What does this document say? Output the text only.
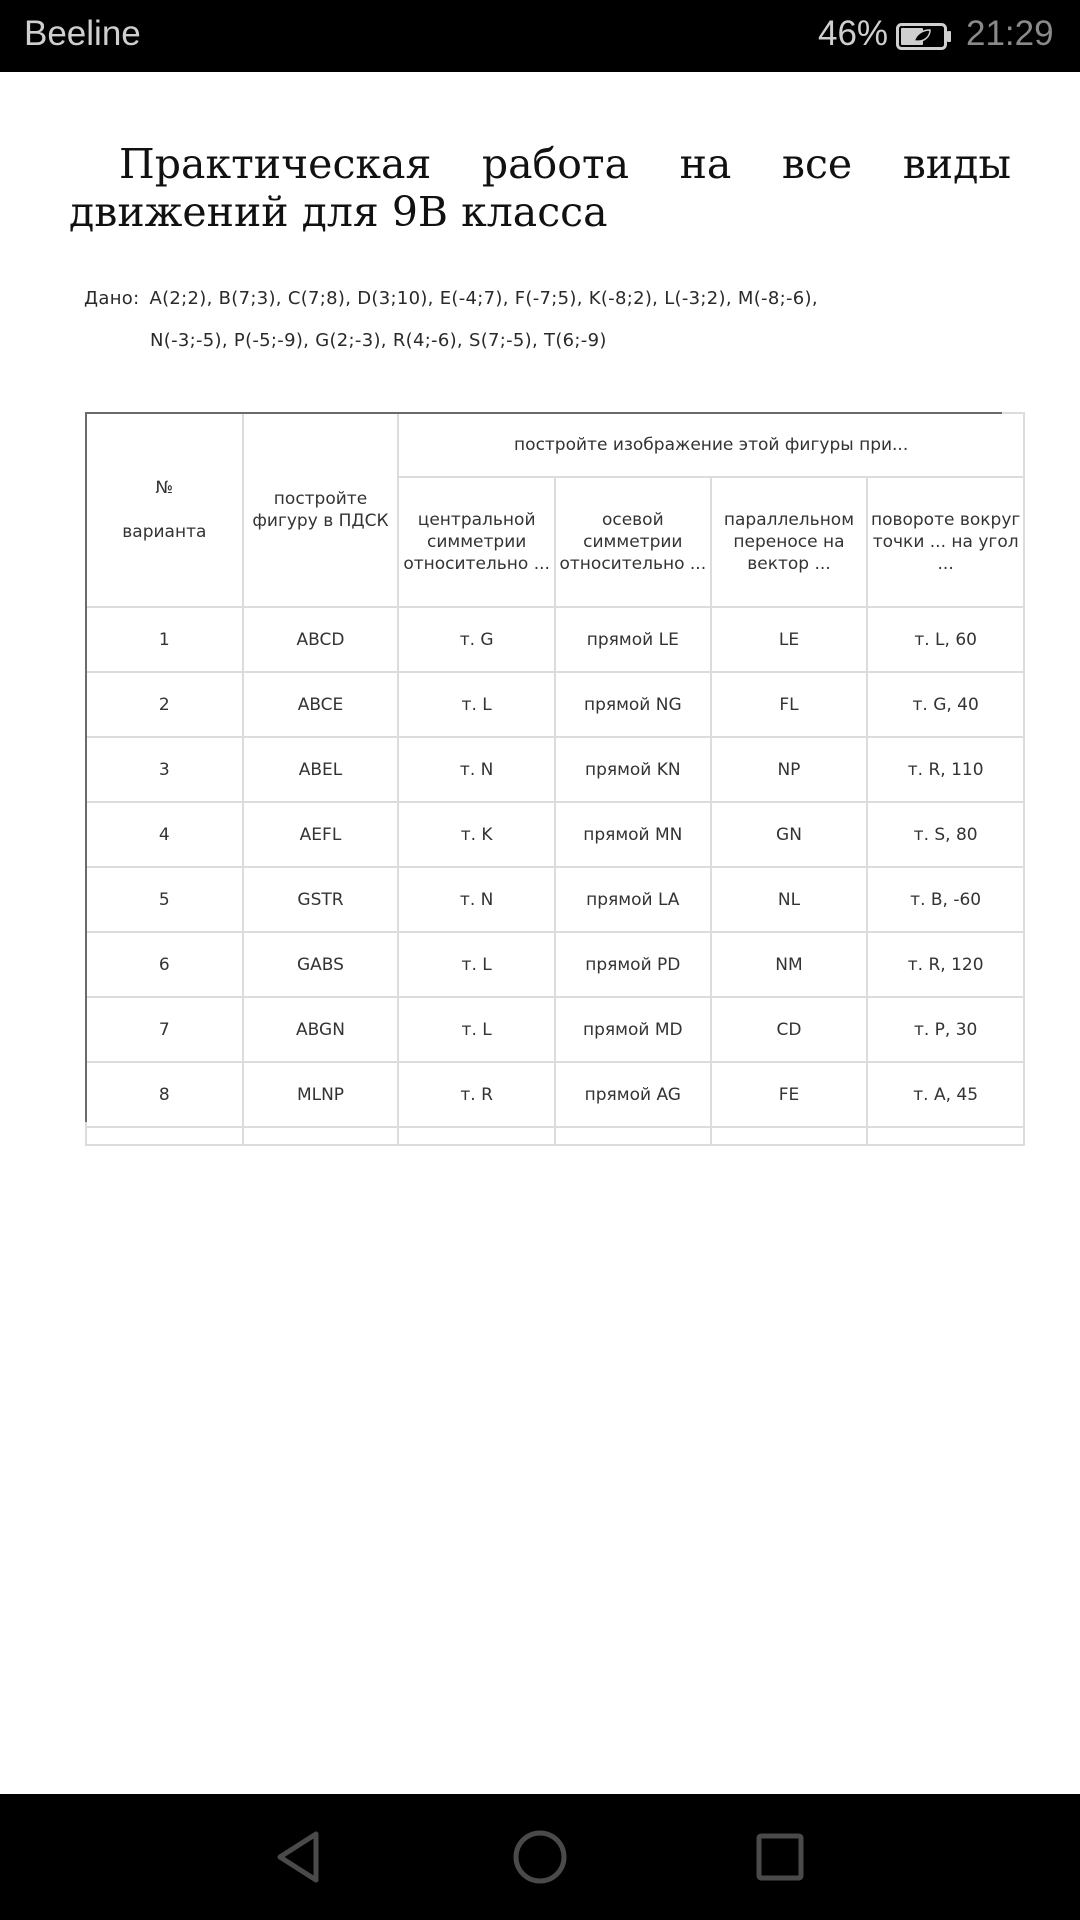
Beeline	46% 21:29
Практическая работа на все виды движений для 9В класса
Дано: A(2;2), B(7;3), C(7;8), D(3;10), E(-4;7), F(-7;5), K(-8;2), L(-3;2), M(-8;-6),
N(-3;-5), P(-5;-9), G(2;-3), R(4;-6), S(7;-5), T(6;-9)
№

варианта	постройте фигуру в ПДСК	постройте изображение этой фигуры при...			
		центральной симметрии относительно ...	осевой симметрии относительно ...	параллельном переносе на вектор ...	повороте вокруг точки ... на угол ...
1	ABCD	т. G	прямой LE	LE	т. L, 60
2	ABCE	т. L	прямой NG	FL	т. G, 40
3	ABEL	т. N	прямой KN	NP	т. R, 110
4	AEFL	т. K	прямой MN	GN	т. S, 80
5	GSTR	т. N	прямой LA	NL	т. B, -60
6	GABS	т. L	прямой PD	NM	т. R, 120
7	ABGN	т. L	прямой MD	CD	т. P, 30
8	MLNP	т. R	прямой AG	FE	т. A, 45
